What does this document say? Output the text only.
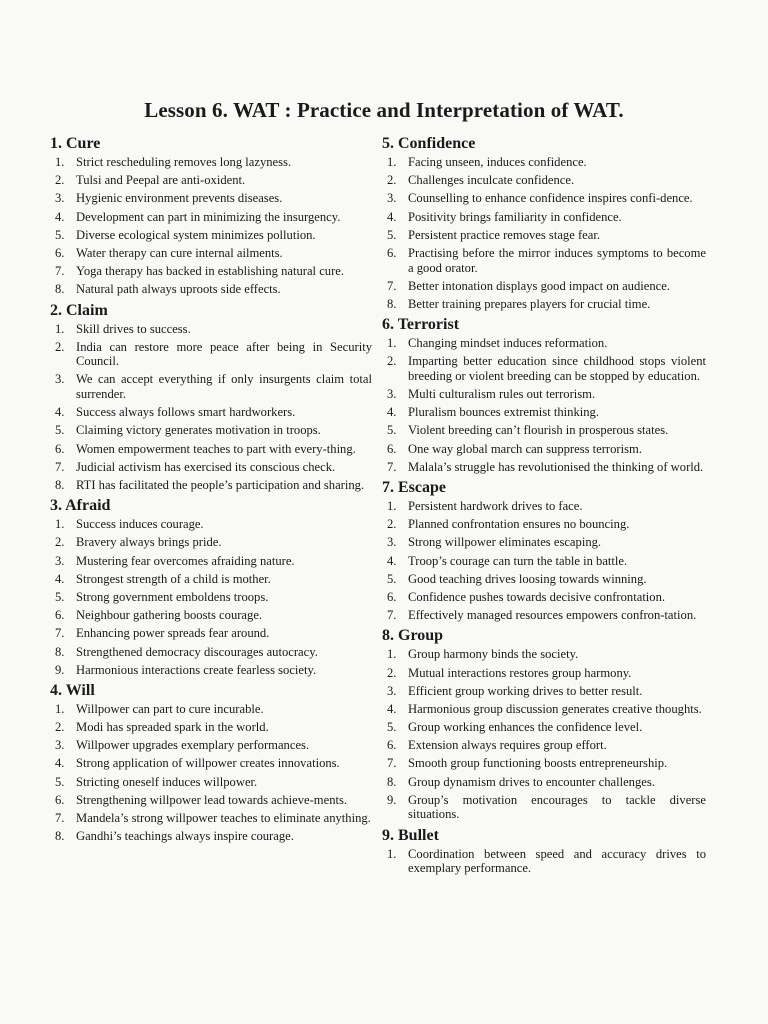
Lesson 6. WAT : Practice and Interpretation of WAT.
1. Cure
1. Strict rescheduling removes long lazyness.
2. Tulsi and Peepal are anti-oxident.
3. Hygienic environment prevents diseases.
4. Development can part in minimizing the insurgency.
5. Diverse ecological system minimizes pollution.
6. Water therapy can cure internal ailments.
7. Yoga therapy has backed in establishing natural cure.
8. Natural path always uproots side effects.
2. Claim
1. Skill drives to success.
2. India can restore more peace after being in Security Council.
3. We can accept everything if only insurgents claim total surrender.
4. Success always follows smart hardworkers.
5. Claiming victory generates motivation in troops.
6. Women empowerment teaches to part with every-thing.
7. Judicial activism has exercised its conscious check.
8. RTI has facilitated the people’s participation and sharing.
3. Afraid
1. Success induces courage.
2. Bravery always brings pride.
3. Mustering fear overcomes afraiding nature.
4. Strongest strength of a child is mother.
5. Strong government emboldens troops.
6. Neighbour gathering boosts courage.
7. Enhancing power spreads fear around.
8. Strengthened democracy discourages autocracy.
9. Harmonious interactions create fearless society.
4. Will
1. Willpower can part to cure incurable.
2. Modi has spreaded spark in the world.
3. Willpower upgrades exemplary performances.
4. Strong application of willpower creates innovations.
5. Stricting oneself induces willpower.
6. Strengthening willpower lead towards achieve-ments.
7. Mandela’s strong willpower teaches to eliminate anything.
8. Gandhi’s teachings always inspire courage.
5. Confidence
1. Facing unseen, induces confidence.
2. Challenges inculcate confidence.
3. Counselling to enhance confidence inspires confi-dence.
4. Positivity brings familiarity in confidence.
5. Persistent practice removes stage fear.
6. Practising before the mirror induces symptoms to become a good orator.
7. Better intonation displays good impact on audience.
8. Better training prepares players for crucial time.
6. Terrorist
1. Changing mindset induces reformation.
2. Imparting better education since childhood stops violent breeding or violent breeding can be stopped by education.
3. Multi culturalism rules out terrorism.
4. Pluralism bounces extremist thinking.
5. Violent breeding can’t flourish in prosperous states.
6. One way global march can suppress terrorism.
7. Malala’s struggle has revolutionised the thinking of world.
7. Escape
1. Persistent hardwork drives to face.
2. Planned confrontation ensures no bouncing.
3. Strong willpower eliminates escaping.
4. Troop’s courage can turn the table in battle.
5. Good teaching drives loosing towards winning.
6. Confidence pushes towards decisive confrontation.
7. Effectively managed resources empowers confron-tation.
8. Group
1. Group harmony binds the society.
2. Mutual interactions restores group harmony.
3. Efficient group working drives to better result.
4. Harmonious group discussion generates creative thoughts.
5. Group working enhances the confidence level.
6. Extension always requires group effort.
7. Smooth group functioning boosts entrepreneurship.
8. Group dynamism drives to encounter challenges.
9. Group’s motivation encourages to tackle diverse situations.
9. Bullet
1. Coordination between speed and accuracy drives to exemplary performance.
